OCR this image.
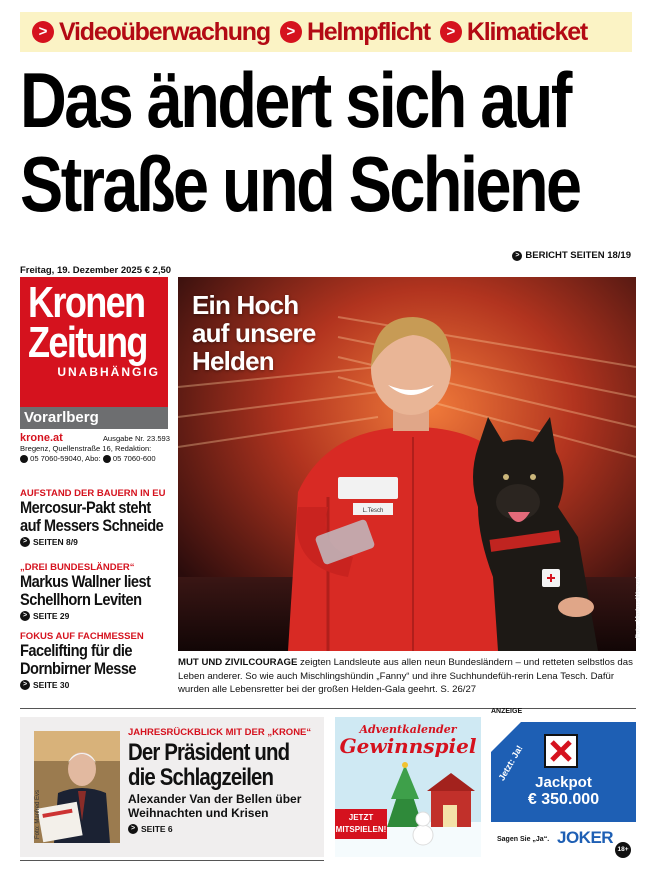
> Videoüberwachung	> Helmpflicht	> Klimaticket
Das ändert sich auf
Straße und Schiene
> BERICHT SEITEN 18/19
Freitag, 19. Dezember 2025 € 2,50
Kronen
Zeitung
UNABHÄNGIG
Vorarlberg
krone.at	Ausgabe Nr. 23.593
Bregenz, Quellenstraße 16, Redaktion:
05 7060-59040, Abo: 05 7060-600
AUFSTAND DER BAUERN IN EU
Mercosur-Pakt steht
auf Messers Schneide
> SEITEN 8/9
„DREI BUNDESLÄNDER“
Markus Wallner liest
Schellhorn Leviten
> SEITE 29
FOKUS AUF FACHMESSEN
Facelifting für die
Dornbirner Messe
> SEITE 30
L.Tesch
Ein Hoch
auf unsere
Helden
Foto: Markus Wenzel
MUT UND ZIVILCOURAGE zeigten Landsleute aus allen neun Bundesländern – und retteten selbstlos das Leben anderer. So wie auch Mischlingshündin „Fanny“ und ihre Suchhundefüh-rerin Lena Tesch. Dafür wurden alle Lebensretter bei der großen Helden-Gala geehrt. S. 26/27
Foto: Manfred Evs
JAHRESRÜCKBLICK MIT DER „KRONE“
Der Präsident und
die Schlagzeilen
Alexander Van der Bellen über
Weihnachten und Krisen
> SEITE 6
Adventkalender
Gewinnspiel
JETZT
MITSPIELEN!
ANZEIGE
Jetzt: Ja!
Jackpot
€ 350.000
Sagen Sie „Ja“. JOKER
18+
